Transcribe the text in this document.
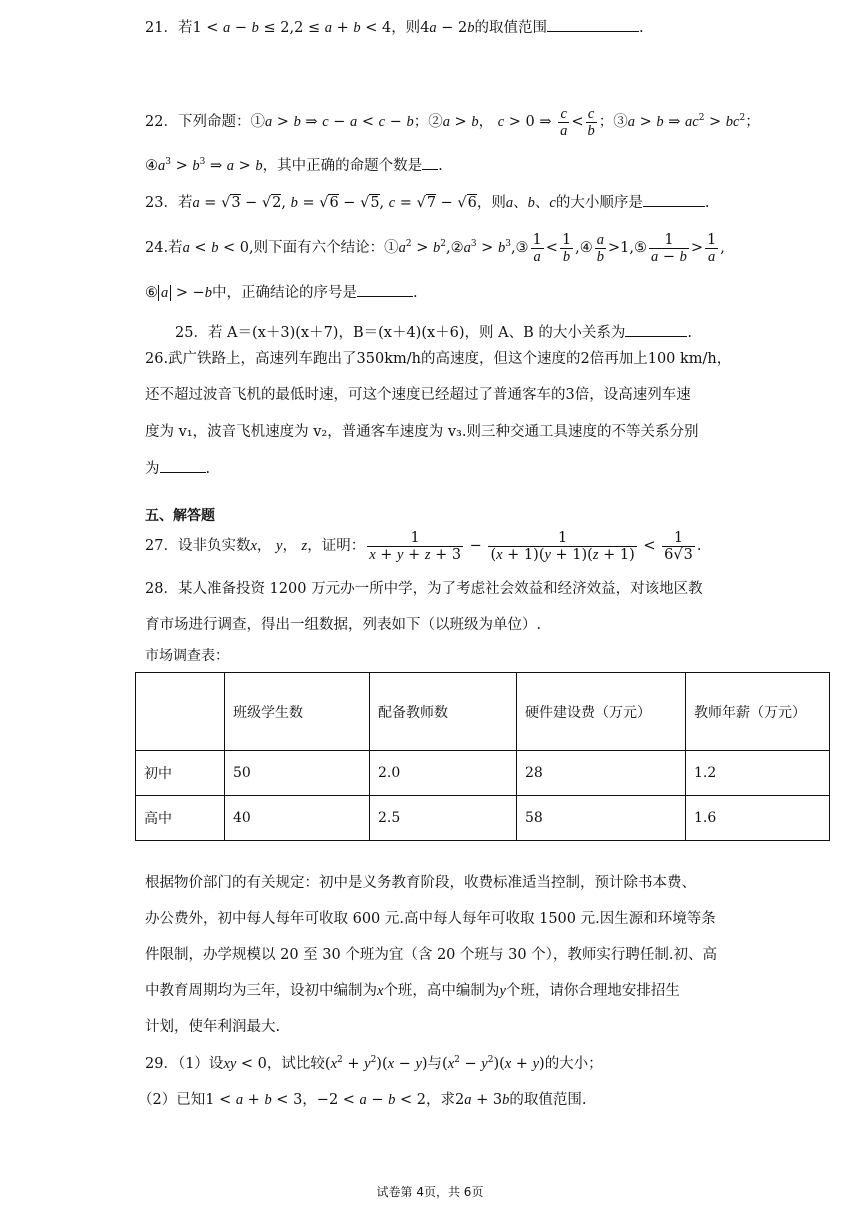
21．若1 < a − b ≤ 2,2 ≤ a + b < 4，则4a − 2b的取值范围	.
22．下列命题：①a > b ⇒ c − a < c − b；②a > b， c > 0 ⇒ $\frac{c}{a} < \frac{c}{b}$ ；③a > b ⇒ $ac^2 > bc^2$；
$④a^3 > b^3$ ⇒ a > b，其中正确的命题个数是 .
23．若a = √3 − √2, b = √6 − √5, c = √7 − √6，则a、b、c的大小顺序是	.
24.若a < b < 0,则下面有六个结论：$①a^2$ > $b^2,②a^3$ > $b^3,③ \frac{1}{a} < \frac{1}{b}$ ,④ $\frac{a}{b}$ >1,⑤ $\frac{1}{a - b} > \frac{1}{a}$ ,
⑥ a > −b中，正确结论的序号是	.
25．若 A＝(x＋3)(x＋7)，B＝(x＋4)(x＋6)，则 A、B 的大小关系为	.
26.武广铁路上，高速列车跑出了350km/h的高速度，但这个速度的2倍再加上100 km/h，
还不超过波音飞机的最低时速，可这个速度已经超过了普通客车的3倍，设高速列车速
度为 v₁，波音飞机速度为 v₂，普通客车速度为 v₃.则三种交通工具速度的不等关系分别
为	.
五、解答题
27．设非负实数x， y， z，证明： $\frac{1}{x + y + z + 3} - \frac{1}{(x + 1)(y + 1)(z + 1)} < \frac{1}{6√3}$ .
28．某人准备投资 1200 万元办一所中学，为了考虑社会效益和经济效益，对该地区教
育市场进行调查，得出一组数据，列表如下（以班级为单位）.
市场调查表：
	班级学生数	配备教师数	硬件建设费（万元）	教师年薪（万元）
初中	50	2.0	28	1.2
高中	40	2.5	58	1.6
根据物价部门的有关规定：初中是义务教育阶段，收费标准适当控制，预计除书本费、
办公费外，初中每人每年可收取 600 元.高中每人每年可收取 1500 元.因生源和环境等条
件限制，办学规模以 20 至 30 个班为宜（含 20 个班与 30 个），教师实行聘任制.初、高
中教育周期均为三年，设初中编制为x个班，高中编制为y个班，请你合理地安排招生
计划，使年利润最大.
29．（1）设xy < 0，试比较$(x^2 + y^2)(x - y)$与$(x^2 - y^2)(x + y)$的大小；
（2）已知1 < a + b < 3，−2 < a − b < 2，求2a + 3b的取值范围.
试卷第 4页，共 6页
